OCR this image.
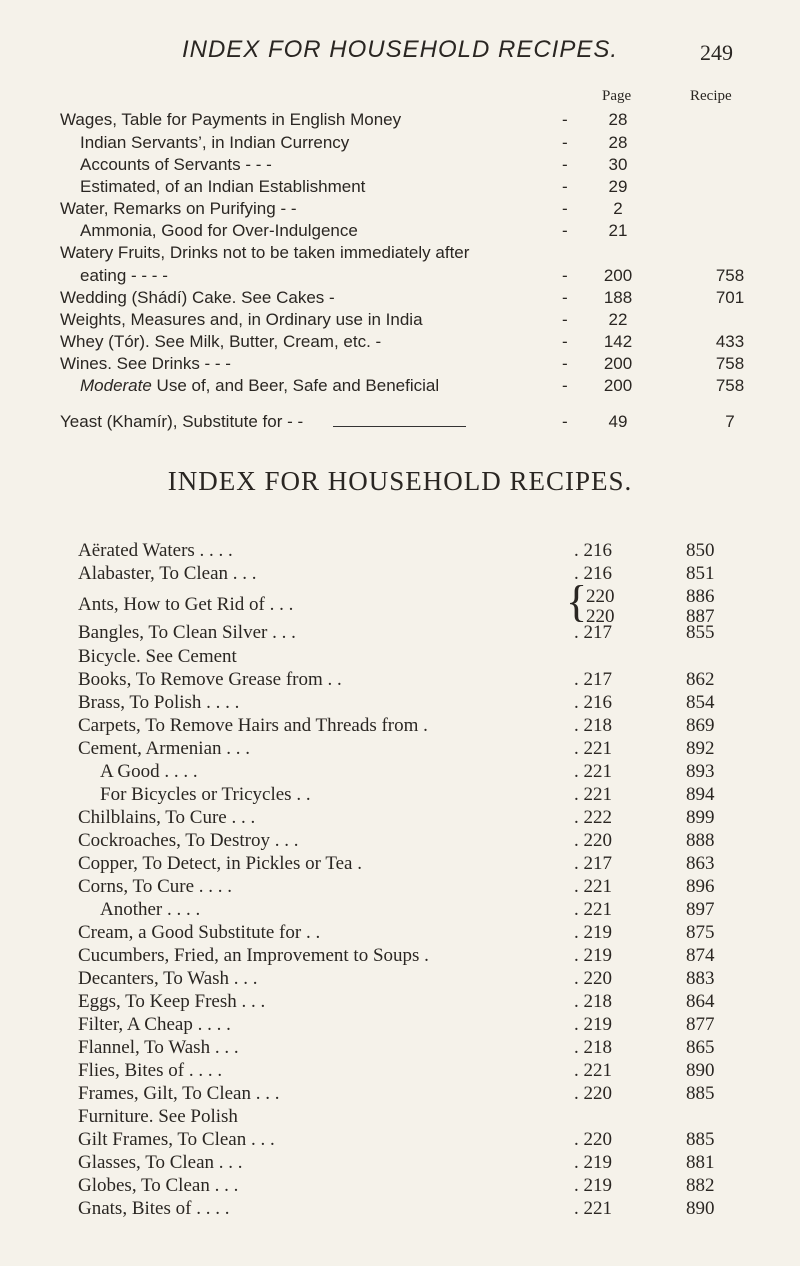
INDEX FOR HOUSEHOLD RECIPES.	249
Page	Recipe
Wages, Table for Payments in English Money	-	28
Indian Servants’, in Indian Currency	-	28
Accounts of Servants - - -	-	30
Estimated, of an Indian Establishment	-	29
Water, Remarks on Purifying - -	-	2
Ammonia, Good for Over-Indulgence	-	21
Watery Fruits, Drinks not to be taken immediately after
eating - - - -	-	200	758
Wedding (Shádí) Cake. See Cakes -	-	188	701
Weights, Measures and, in Ordinary use in India	-	22
Whey (Tór). See Milk, Butter, Cream, etc. -	-	142	433
Wines. See Drinks - - -	-	200	758
Moderate Use of, and Beer, Safe and Beneficial	-	200	758
Yeast (Khamír), Substitute for - -	-	49	7
INDEX FOR HOUSEHOLD RECIPES.
Aërated Waters . . . .	. 216	850
Alabaster, To Clean . . .	. 216	851
Ants, How to Get Rid of . . .	220	886
220	887
{
Bangles, To Clean Silver . . .	. 217	855
Bicycle. See Cement
Books, To Remove Grease from . .	. 217	862
Brass, To Polish . . . .	. 216	854
Carpets, To Remove Hairs and Threads from .	. 218	869
Cement, Armenian . . .	. 221	892
A Good . . . .	. 221	893
For Bicycles or Tricycles . .	. 221	894
Chilblains, To Cure . . .	. 222	899
Cockroaches, To Destroy . . .	. 220	888
Copper, To Detect, in Pickles or Tea .	. 217	863
Corns, To Cure . . . .	. 221	896
Another . . . .	. 221	897
Cream, a Good Substitute for . .	. 219	875
Cucumbers, Fried, an Improvement to Soups .	. 219	874
Decanters, To Wash . . .	. 220	883
Eggs, To Keep Fresh . . .	. 218	864
Filter, A Cheap . . . .	. 219	877
Flannel, To Wash . . .	. 218	865
Flies, Bites of . . . .	. 221	890
Frames, Gilt, To Clean . . .	. 220	885
Furniture. See Polish
Gilt Frames, To Clean . . .	. 220	885
Glasses, To Clean . . .	. 219	881
Globes, To Clean . . .	. 219	882
Gnats, Bites of . . . .	. 221	890
